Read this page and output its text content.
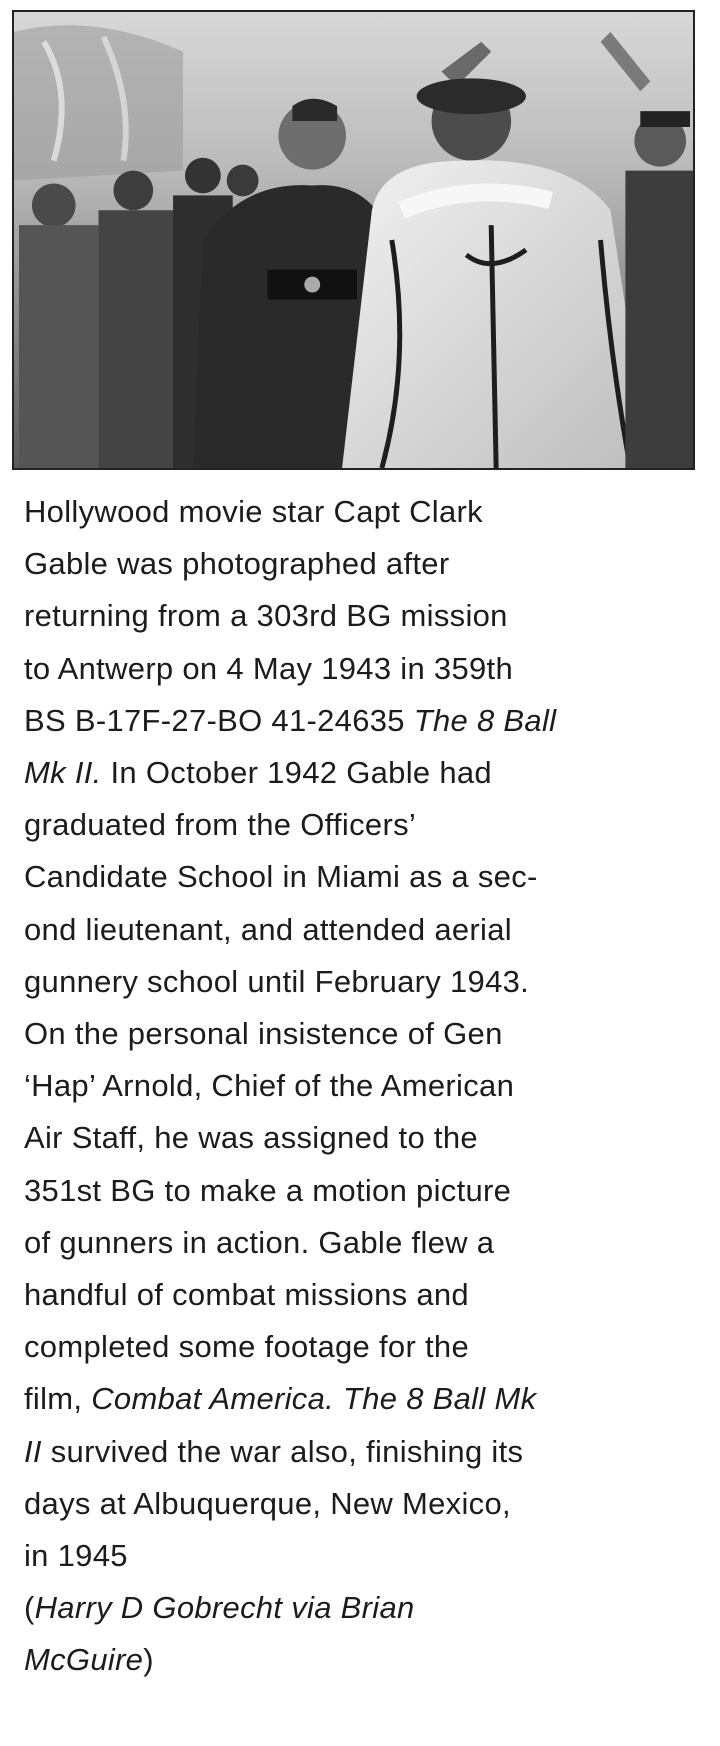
Hollywood movie star Capt Clark
Gable was photographed after
returning from a 303rd BG mission
to Antwerp on 4 May 1943 in 359th
BS B-17F-27-BO 41-24635 The 8 Ball
Mk II. In October 1942 Gable had
graduated from the Officers’
Candidate School in Miami as a sec-
ond lieutenant, and attended aerial
gunnery school until February 1943.
On the personal insistence of Gen
‘Hap’ Arnold, Chief of the American
Air Staff, he was assigned to the
351st BG to make a motion picture
of gunners in action. Gable flew a
handful of combat missions and
completed some footage for the
film, Combat America. The 8 Ball Mk
II survived the war also, finishing its
days at Albuquerque, New Mexico,
in 1945
(Harry D Gobrecht via Brian
McGuire)
